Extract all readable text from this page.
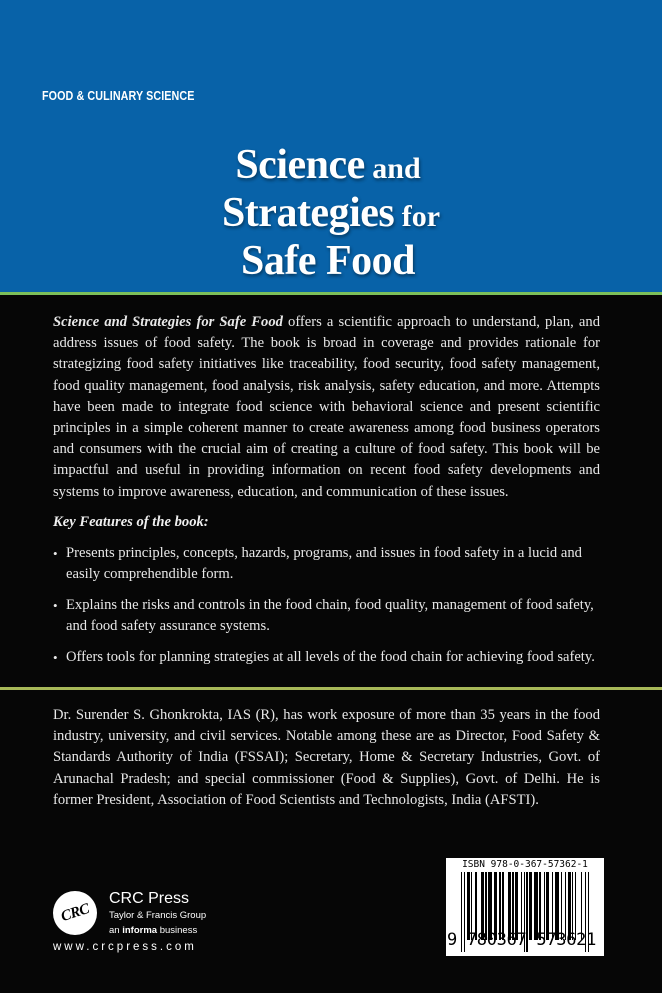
FOOD & CULINARY SCIENCE
Science and
Strategies for
Safe Food

Science and Strategies for Safe Food offers a scientific approach to understand, plan, and address issues of food safety. The book is broad in coverage and provides rationale for strategizing food safety initiatives like traceability, food security, food safety management, food quality management, food analysis, risk analysis, safety education, and more. Attempts have been made to integrate food science with behavioral science and present scientific principles in a simple coherent manner to create awareness among food business operators and consumers with the crucial aim of creating a culture of food safety. This book will be impactful and useful in providing information on recent food safety developments and systems to improve awareness, education, and communication of these issues.

Key Features of the book:
• Presents principles, concepts, hazards, programs, and issues in food safety in a lucid and easily comprehendible form.
• Explains the risks and controls in the food chain, food quality, management of food safety, and food safety assurance systems.
• Offers tools for planning strategies at all levels of the food chain for achieving food safety.

Dr. Surender S. Ghonkrokta, IAS (R), has work exposure of more than 35 years in the food industry, university, and civil services. Notable among these are as Director, Food Safety & Standards Authority of India (FSSAI); Secretary, Home & Secretary Industries, Govt. of Arunachal Pradesh; and special commissioner (Food & Supplies), Govt. of Delhi. He is former President, Association of Food Scientists and Technologists, India (AFSTI).

CRC
CRC Press
Taylor & Francis Group
an informa business
www.crcpress.com
ISBN 978-0-367-57362-1
9 780367 573621
